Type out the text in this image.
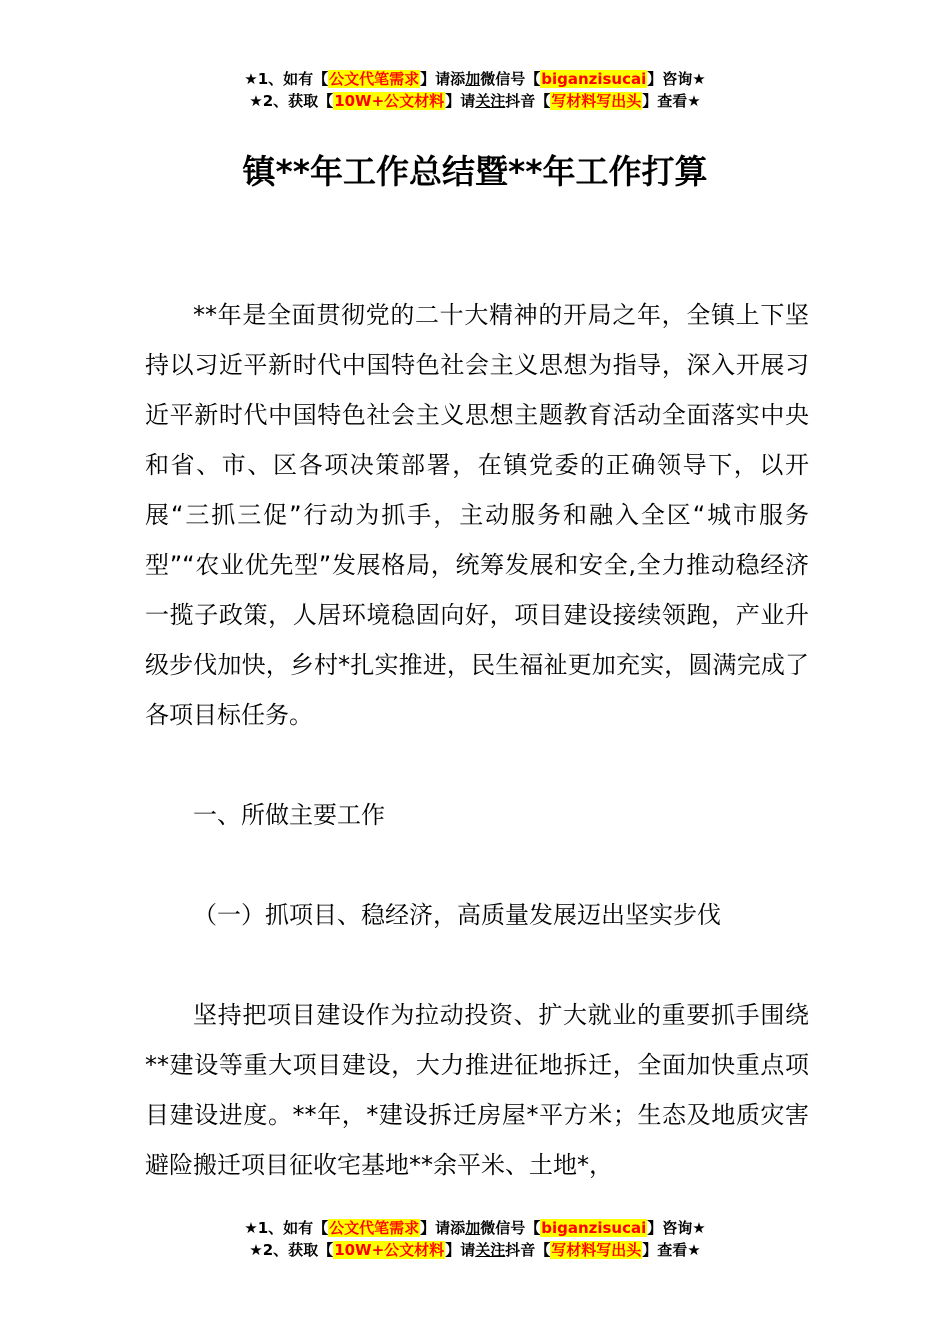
★1、如有【公文代笔需求】请添加微信号【biganzisucai】咨询★
★2、获取【10W+公文材料】请关注抖音【写材料写出头】查看★
镇**年工作总结暨**年工作打算

**年是全面贯彻党的二十大精神的开局之年，全镇上下坚持以习近平新时代中国特色社会主义思想为指导，深入开展习近平新时代中国特色社会主义思想主题教育活动全面落实中央和省、市、区各项决策部署，在镇党委的正确领导下，以开展“三抓三促”行动为抓手，主动服务和融入全区“城市服务型”“农业优先型”发展格局，统筹发展和安全,全力推动稳经济一揽子政策，人居环境稳固向好，项目建设接续领跑，产业升级步伐加快，乡村*扎实推进，民生福祉更加充实，圆满完成了各项目标任务。

一、所做主要工作

（一）抓项目、稳经济，高质量发展迈出坚实步伐

坚持把项目建设作为拉动投资、扩大就业的重要抓手围绕**建设等重大项目建设，大力推进征地拆迁，全面加快重点项目建设进度。**年，*建设拆迁房屋*平方米；生态及地质灾害避险搬迁项目征收宅基地**余平米、土地*，

★1、如有【公文代笔需求】请添加微信号【biganzisucai】咨询★
★2、获取【10W+公文材料】请关注抖音【写材料写出头】查看★
